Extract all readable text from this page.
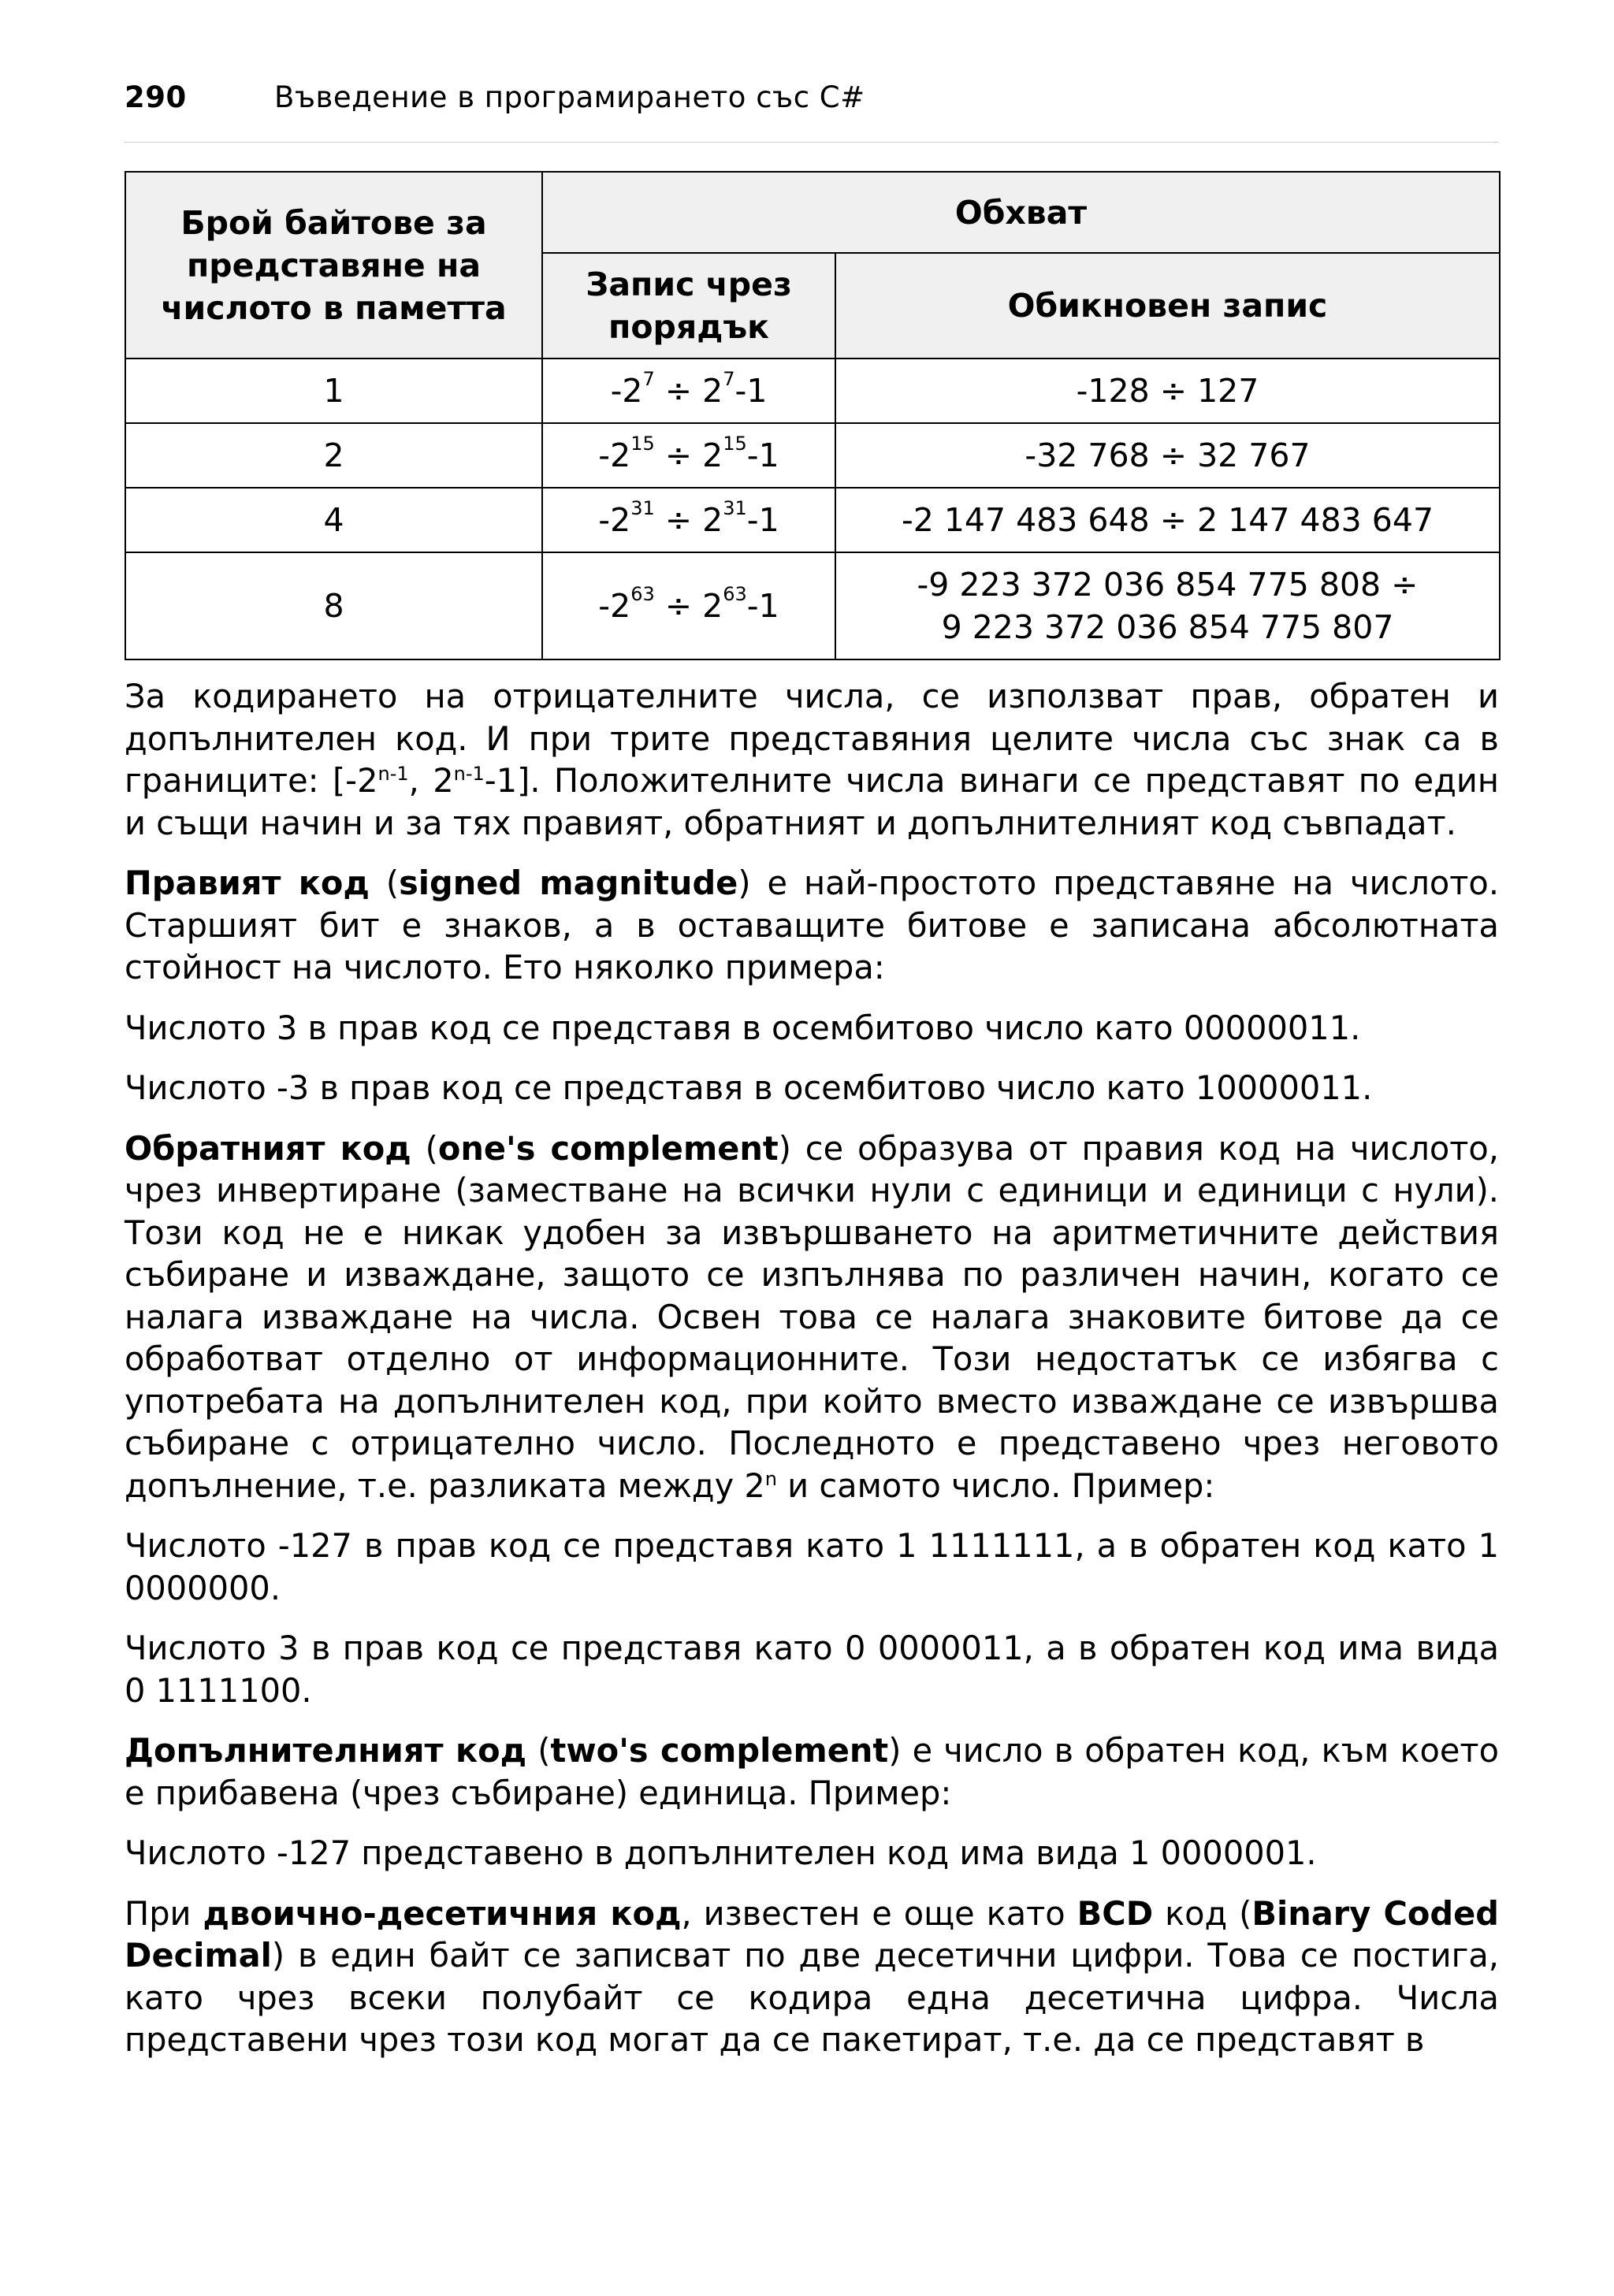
290	Въведение в програмирането със C#
Брой байтове за представяне на числото в паметта	Обхват	
	Запис чрез порядък	Обикновен запис
1	$-2^7 \div 2^7-1$	-128 ÷ 127
2	$-2^{15} \div 2^{15}-1$	-32 768 ÷ 32 767
4	$-2^{31} \div 2^{31}-1$	-2 147 483 648 ÷ 2 147 483 647
8	$-2^{63} \div 2^{63}-1$	-9 223 372 036 854 775 808 ÷
9 223 372 036 854 775 807

За кодирането на отрицателните числа, се използват прав, обратен и допълнителен код. И при трите представяния целите числа със знак са в границите: [-2$^{n-1}$, 2$^{n-1}$-1]. Положителните числа винаги се представят по един и същи начин и за тях правият, обратният и допълнителният код съвпадат.

Правият код (signed magnitude) е най-простото представяне на числото. Старшият бит е знаков, а в оставащите битове е записана абсолютната стойност на числото. Ето няколко примера:

Числото 3 в прав код се представя в осембитово число като 00000011.

Числото -3 в прав код се представя в осембитово число като 10000011.

Обратният код (one's complement) се образува от правия код на числото, чрез инвертиране (заместване на всички нули с единици и единици с нули). Този код не е никак удобен за извършването на аритметичните действия събиране и изваждане, защото се изпълнява по различен начин, когато се налага изваждане на числа. Освен това се налага знаковите битове да се обработват отделно от информационните. Този недостатък се избягва с употребата на допълнителен код, при който вместо изваждане се извършва събиране с отрицателно число. Последното е представено чрез неговото допълнение, т.е. разликата между 2$^n$ и самото число. Пример:

Числото -127 в прав код се представя като 1 1111111, а в обратен код като 1 0000000.

Числото 3 в прав код се представя като 0 0000011, а в обратен код има вида 0 1111100.

Допълнителният код (two's complement) е число в обратен код, към което е прибавена (чрез събиране) единица. Пример:

Числото -127 представено в допълнителен код има вида 1 0000001.

При двоично-десетичния код, известен е още като BCD код (Binary Coded Decimal) в един байт се записват по две десетични цифри. Това се постига, като чрез всеки полубайт се кодира една десетична цифра. Числа представени чрез този код могат да се пакетират, т.е. да се представят в
